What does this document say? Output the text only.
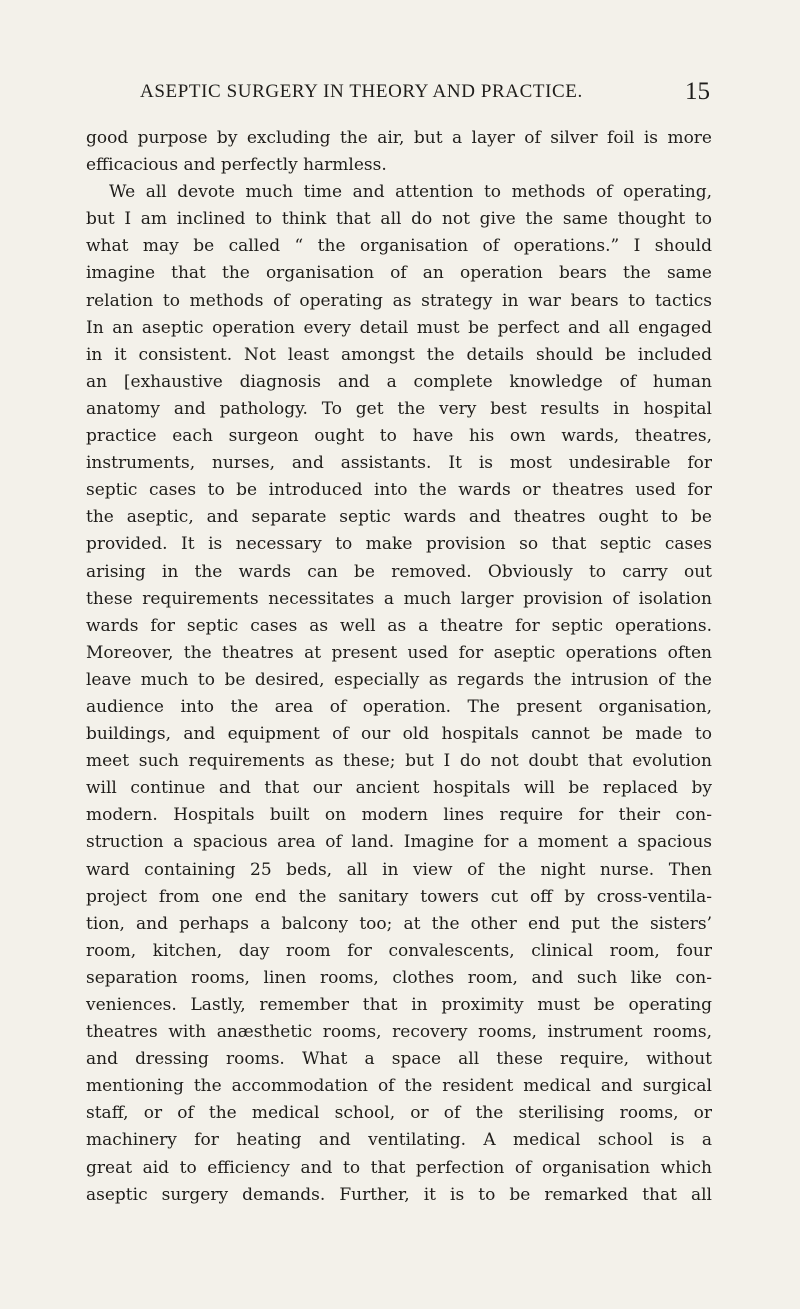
ASEPTIC SURGERY IN THEORY AND PRACTICE.	15
good purpose by excluding the air, but a layer of silver foil is more
efficacious and perfectly harmless.
We all devote much time and attention to methods of operating,
but I am inclined to think that all do not give the same thought to
what may be called “ the organisation of operations.” I should
imagine that the organisation of an operation bears the same
relation to methods of operating as strategy in war bears to tactics
In an aseptic operation every detail must be perfect and all engaged
in it consistent. Not least amongst the details should be included
an [exhaustive diagnosis and a complete knowledge of human
anatomy and pathology. To get the very best results in hospital
practice each surgeon ought to have his own wards, theatres,
instruments, nurses, and assistants. It is most undesirable for
septic cases to be introduced into the wards or theatres used for
the aseptic, and separate septic wards and theatres ought to be
provided. It is necessary to make provision so that septic cases
arising in the wards can be removed. Obviously to carry out
these requirements necessitates a much larger provision of isolation
wards for septic cases as well as a theatre for septic operations.
Moreover, the theatres at present used for aseptic operations often
leave much to be desired, especially as regards the intrusion of the
audience into the area of operation. The present organisation,
buildings, and equipment of our old hospitals cannot be made to
meet such requirements as these; but I do not doubt that evolution
will continue and that our ancient hospitals will be replaced by
modern. Hospitals built on modern lines require for their con-
struction a spacious area of land. Imagine for a moment a spacious
ward containing 25 beds, all in view of the night nurse. Then
project from one end the sanitary towers cut off by cross-ventila-
tion, and perhaps a balcony too; at the other end put the sisters’
room, kitchen, day room for convalescents, clinical room, four
separation rooms, linen rooms, clothes room, and such like con-
veniences. Lastly, remember that in proximity must be operating
theatres with anæsthetic rooms, recovery rooms, instrument rooms,
and dressing rooms. What a space all these require, without
mentioning the accommodation of the resident medical and surgical
staff, or of the medical school, or of the sterilising rooms, or
machinery for heating and ventilating. A medical school is a
great aid to efficiency and to that perfection of organisation which
aseptic surgery demands. Further, it is to be remarked that all
